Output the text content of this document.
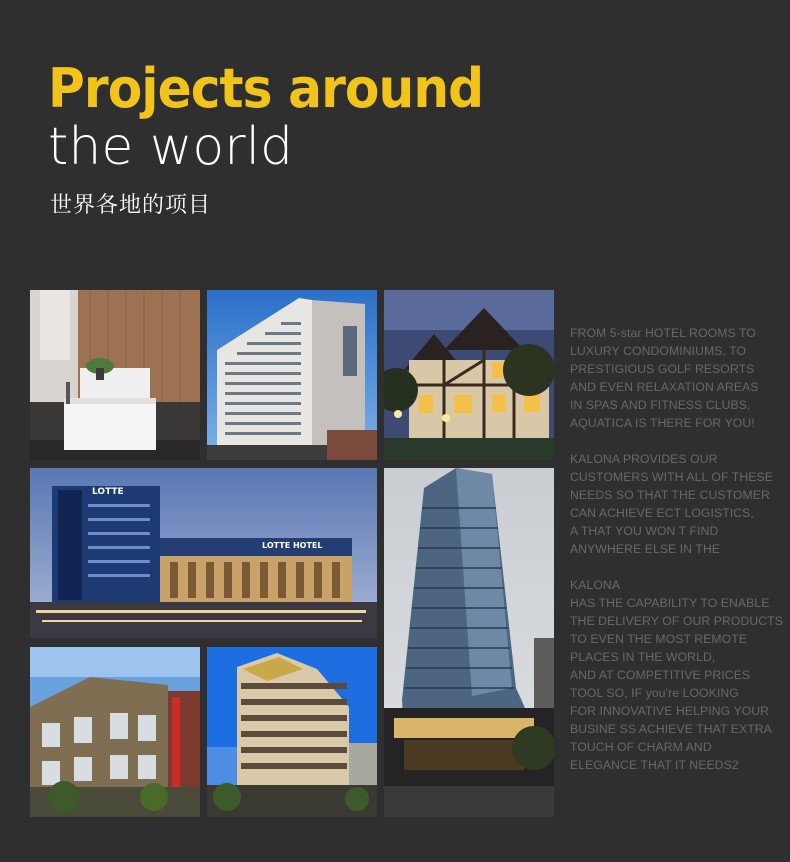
Projects around
the world
世界各地的项目
LOTTE
LOTTE HOTEL
FROM 5-star HOTEL ROOMS TO
LUXURY CONDOMINIUMS, TO
PRESTIGIOUS GOLF RESORTS
AND EVEN RELAXATION AREAS
IN SPAS AND FITNESS CLUBS,
AQUATICA IS THERE FOR YOU!
KALONA PROVIDES OUR
CUSTOMERS WITH ALL OF THESE
NEEDS SO THAT THE CUSTOMER
CAN ACHIEVE ECT LOGISTICS,
A THAT YOU WON T FIND
ANYWHERE ELSE IN THE
KALONA
HAS THE CAPABILITY TO ENABLE
THE DELIVERY OF OUR PRODUCTS
TO EVEN THE MOST REMOTE
PLACES IN THE WORLD,
AND AT COMPETITIVE PRICES
TOOL SO, IF you're LOOKING
FOR INNOVATIVE HELPING YOUR
BUSINE SS ACHIEVE THAT EXTRA
TOUCH OF CHARM AND
ELEGANCE THAT IT NEEDS2
